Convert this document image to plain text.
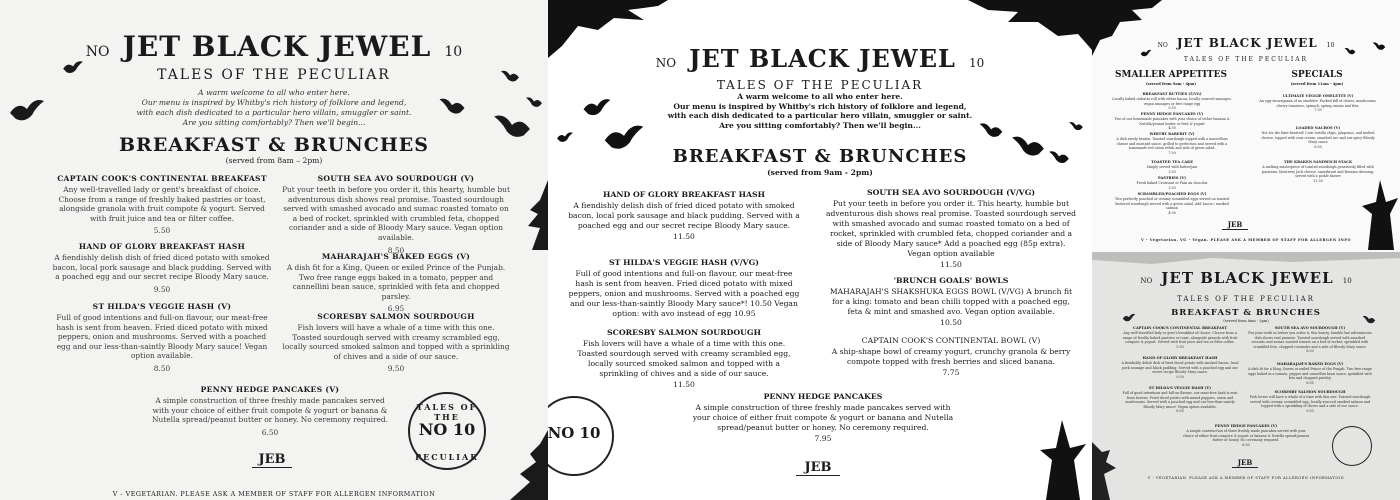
NO JET BLACK JEWEL 10
TALES OF THE PECULIAR
A warm welcome to all who enter here.
Our menu is inspired by Whitby's rich history of folklore and legend,
with each dish dedicated to a particular hero villain, smuggler or saint.
Are you sitting comfortably? Then we'll begin...
BREAKFAST & BRUNCHES
(served from 8am – 2pm)
CAPTAIN COOK'S CONTINENTAL BREAKFAST
Any well-travelled lady or gent's breakfast of choice. Choose from a range of freshly baked pastries or toast, alongside granola with fruit compote & yogurt. Served with fruit juice and tea or filter coffee.
5.50
HAND OF GLORY BREAKFAST HASH
A fiendishly delish dish of fried diced potato with smoked bacon, local pork sausage and black pudding. Served with a poached egg and our secret recipe Bloody Mary sauce.
9.50
ST HILDA'S VEGGIE HASH (V)
Full of good intentions and full-on flavour, our meat-free hash is sent from heaven. Fried diced potato with mixed peppers, onion and mushrooms. Served with a poached egg and our less-than-saintly Bloody Mary sauce! Vegan option available.
8.50
SOUTH SEA AVO SOURDOUGH (V)
Put your teeth in before you order it, this hearty, humble but adventurous dish shows real promise. Toasted sourdough served with smashed avocado and sumac roasted tomato on a bed of rocket, sprinkled with crumbled feta, chopped coriander and a side of Bloody Mary sauce. Vegan option available.
8.50
MAHARAJAH'S BAKED EGGS (V)
A dish fit for a King, Queen or exiled Prince of the Punjab. Two free range eggs baked in a tomato, pepper and cannellini bean sauce, sprinkled with feta and chopped parsley.
6.95
SCORESBY SALMON SOURDOUGH
Fish lovers will have a whale of a time with this one. Toasted sourdough served with creamy scrambled egg, locally sourced smoked salmon and topped with a sprinkling of chives and a side of our sauce.
9.50
PENNY HEDGE PANCAKES (V)
A simple construction of three freshly made pancakes served with your choice of either fruit compote & yogurt or banana & Nutella spread/peanut butter or honey. No ceremony required.
6.50
TALES OF THE
NO 10
PECULIAR
JEB
V - VEGETARIAN. PLEASE ASK A MEMBER OF STAFF FOR ALLERGEN INFORMATION
NO JET BLACK JEWEL 10
TALES OF THE PECULIAR
A warm welcome to all who enter here.
Our menu is inspired by Whitby's rich history of folklore and legend,
with each dish dedicated to a particular hero villain, smuggler or saint.
Are you sitting comfortably? Then we'll begin...
BREAKFAST & BRUNCHES
(served from 9am - 2pm)
HAND OF GLORY BREAKFAST HASH
A fiendishly delish dish of fried diced potato with smoked bacon, local pork sausage and black pudding. Served with a poached egg and our secret recipe Bloody Mary sauce.
11.50
ST HILDA'S VEGGIE HASH (V/VG)
Full of good intentions and full-on flavour, our meat-free hash is sent from heaven. Fried diced potato with mixed peppers, onion and mushrooms. Served with a poached egg and our less-than-saintly Bloody Mary sauce*! 10.50 Vegan option: with avo instead of egg 10.95
SCORESBY SALMON SOURDOUGH
Fish lovers will have a whale of a time with this one. Toasted sourdough served with creamy scrambled egg, locally sourced smoked salmon and topped with a sprinkling of chives and a side of our sauce.
11.50
SOUTH SEA AVO SOURDOUGH (V/VG)
Put your teeth in before you order it. This hearty, humble but adventurous dish shows real promise. Toasted sourdough served with smashed avocado and sumac roasted tomato on a bed of rocket, sprinkled with crumbled feta, chopped coriander and a side of Bloody Mary sauce* Add a poached egg (85p extra). Vegan option available
11.50
'BRUNCH GOALS' BOWLS
MAHARAJAH'S SHAKSHUKA EGGS BOWL (V/VG) A brunch fit for a king: tomato and bean chilli topped with a poached egg, feta & mint and smashed avo. Vegan option available.
10.50
CAPTAIN COOK'S CONTINENTAL BOWL (V)
A ship-shape bowl of creamy yogurt, crunchy granola & berry compote topped with fresh berries and sliced banana.
7.75
PENNY HEDGE PANCAKES
A simple construction of three freshly made pancakes served with your choice of either fruit compote & yogurt or banana and Nutella spread/peanut butter or honey. No ceremony required.
7.95
NO 10
JEB
NO JET BLACK JEWEL 10
TALES OF THE PECULIAR
SMALLER APPETITES
(served from 9am - 4pm)
SPECIALS
(served from 11am - 4pm)
BREAKFAST BUTTIES (5/VG)
Locally baked ciabatta roll with either bacon, locally sourced sausages, vegan sausages or free range egg
5.50
PENNY HEDGE PANCAKES (V)
Two of our homemade pancakes with your choice of either banana & Nutella/peanut butter or fruit & yogurt
4.50
WHITBY RAREBIT (V)
A dish rarely beaten. Toasted sourdough topped with a marvellous cheese and mustard sauce, grilled to perfection and served with a homemade red onion relish and side of green salad.
7.50
TOASTED TEA CAKE
Simply served with butter/jam
3.50
PASTRIES (V)
Fresh baked Croissant or Pain au chocolat
3.50
SCRAMBLED/POACHED EGGS (V)
Two perfectly poached or creamy scrambled eggs served on toasted buttered sourdough served with a green salad. Add bacon / smoked salmon
4.90
ULTIMATE VEGGIE OMELETTE (V)
An egg-stravaganza of an omelette. Packed full of chives, mushrooms, cherry tomatoes, spinach, spring onions and feta.
7.50
LOADED NACHOS (V)
Not for the faint-hearted! Corn tortilla chips, jalapenos, and melted cheese, topped with sour cream, smashed avo and our spicy Bloody Mary sauce
6.50
THE KRAKEN SANDWICH STACK
A melting masterpiece of toasted sourdough generously filled with pastrami, Monterey Jack cheese, sauerkraut and Russian dressing, served with a pickle shaver
11.50
JEB
V - Vegetarian. VG - Vegan. PLEASE ASK A MEMBER OF STAFF FOR ALLERGEN INFO
NO JET BLACK JEWEL 10
TALES OF THE PECULIAR
BREAKFAST & BRUNCHES
(served from 8am - 2pm)
CAPTAIN COOK'S CONTINENTAL BREAKFAST
Any well-travelled lady or gent's breakfast of choice. Choose from a range of freshly baked pastries or toast, alongside granola with fruit compote & yogurt. Served with fruit juice and tea or filter coffee.
5.50
HAND OF GLORY BREAKFAST HASH
A fiendishly delish dish of fried diced potato with smoked bacon, local pork sausage and black pudding. Served with a poached egg and our secret recipe Bloody Mary sauce.
9.50
ST HILDA'S VEGGIE HASH (V)
Full of good intentions and full-on flavour, our meat-free hash is sent from heaven. Fried diced potato with mixed peppers, onion and mushrooms. Served with a poached egg and our less-than-saintly Bloody Mary sauce! Vegan option available.
8.50
SOUTH SEA AVO SOURDOUGH (V)
Put your teeth in before you order it, this hearty, humble but adventurous dish shows real promise. Toasted sourdough served with smashed avocado and sumac roasted tomato on a bed of rocket, sprinkled with crumbled feta, chopped coriander and a side of Bloody Mary sauce.
8.50
MAHARAJAH'S BAKED EGGS (V)
A dish fit for a King, Queen or exiled Prince of the Punjab. Two free range eggs baked in a tomato, pepper and cannellini bean sauce, sprinkled with feta and chopped parsley.
6.95
SCORESBY SALMON SOURDOUGH
Fish lovers will have a whale of a time with this one. Toasted sourdough served with creamy scrambled egg, locally sourced smoked salmon and topped with a sprinkling of chives and a side of our sauce.
9.50
PENNY HEDGE PANCAKES (V)
A simple construction of three freshly made pancakes served with your choice of either fruit compote & yogurt or banana & Nutella spread/peanut butter or honey. No ceremony required.
6.50
JEB
V - VEGETARIAN. PLEASE ASK A MEMBER OF STAFF FOR ALLERGEN INFORMATION
